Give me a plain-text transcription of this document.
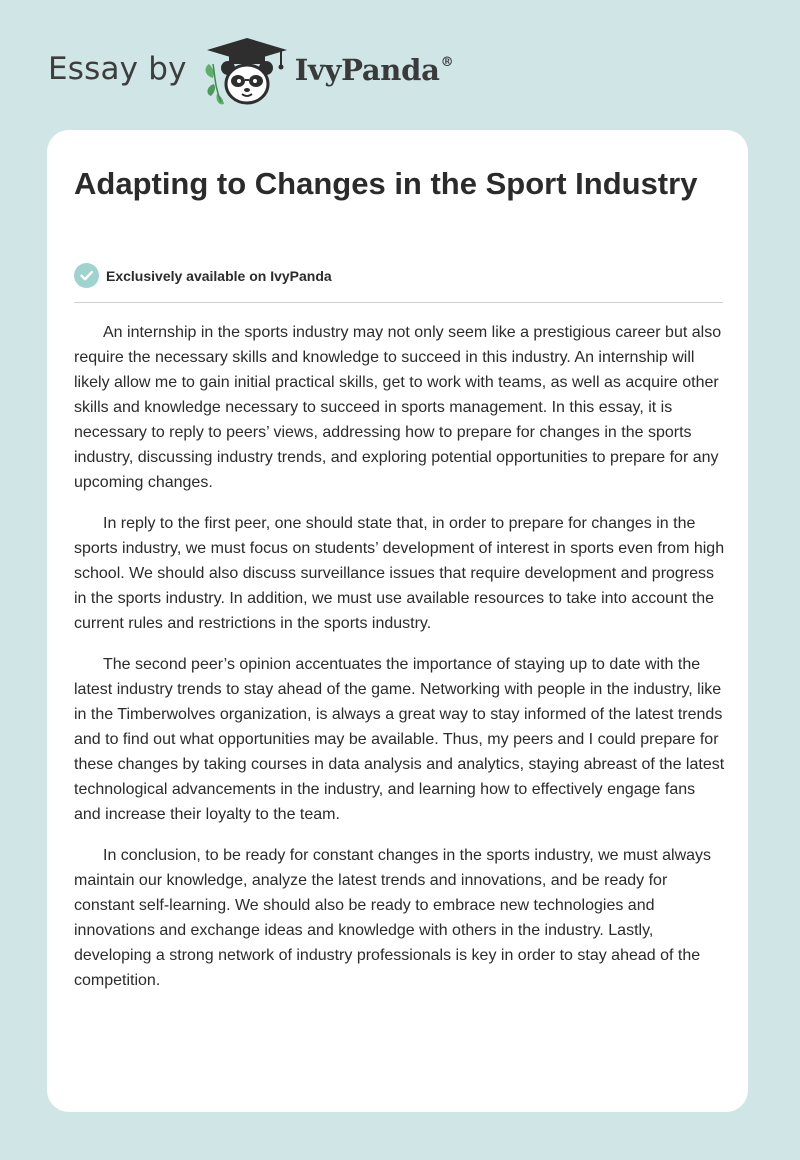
Essay by	IvyPanda®
Adapting to Changes in the Sport Industry
Exclusively available on IvyPanda

An internship in the sports industry may not only seem like a prestigious career but also require the necessary skills and knowledge to succeed in this industry. An internship will likely allow me to gain initial practical skills, get to work with teams, as well as acquire other skills and knowledge necessary to succeed in sports management. In this essay, it is necessary to reply to peers’ views, addressing how to prepare for changes in the sports industry, discussing industry trends, and exploring potential opportunities to prepare for any upcoming changes.

In reply to the first peer, one should state that, in order to prepare for changes in the sports industry, we must focus on students’ development of interest in sports even from high school. We should also discuss surveillance issues that require development and progress in the sports industry. In addition, we must use available resources to take into account the current rules and restrictions in the sports industry.

The second peer’s opinion accentuates the importance of staying up to date with the latest industry trends to stay ahead of the game. Networking with people in the industry, like in the Timberwolves organization, is always a great way to stay informed of the latest trends and to find out what opportunities may be available. Thus, my peers and I could prepare for these changes by taking courses in data analysis and analytics, staying abreast of the latest technological advancements in the industry, and learning how to effectively engage fans and increase their loyalty to the team.

In conclusion, to be ready for constant changes in the sports industry, we must always maintain our knowledge, analyze the latest trends and innovations, and be ready for constant self-learning. We should also be ready to embrace new technologies and innovations and exchange ideas and knowledge with others in the industry. Lastly, developing a strong network of industry professionals is key in order to stay ahead of the competition.
